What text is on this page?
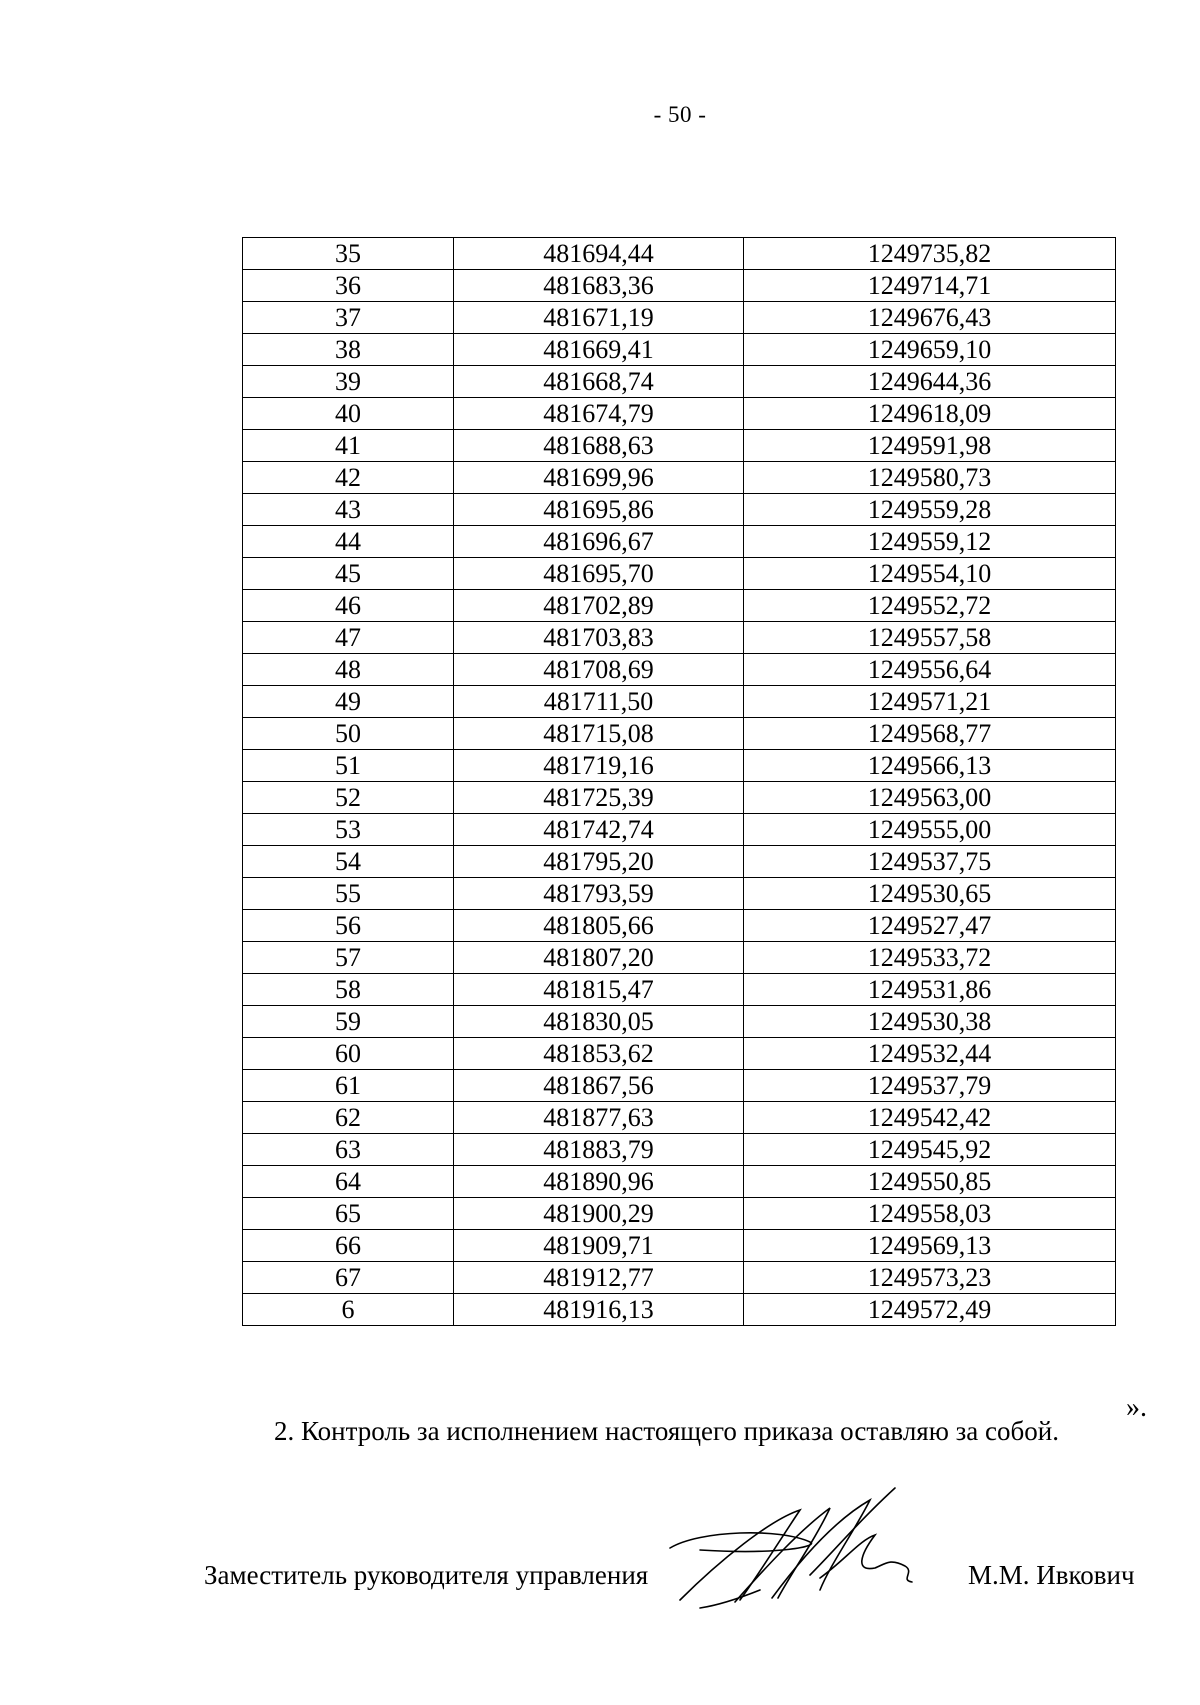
- 50 -
35	481694,44	1249735,82
36	481683,36	1249714,71
37	481671,19	1249676,43
38	481669,41	1249659,10
39	481668,74	1249644,36
40	481674,79	1249618,09
41	481688,63	1249591,98
42	481699,96	1249580,73
43	481695,86	1249559,28
44	481696,67	1249559,12
45	481695,70	1249554,10
46	481702,89	1249552,72
47	481703,83	1249557,58
48	481708,69	1249556,64
49	481711,50	1249571,21
50	481715,08	1249568,77
51	481719,16	1249566,13
52	481725,39	1249563,00
53	481742,74	1249555,00
54	481795,20	1249537,75
55	481793,59	1249530,65
56	481805,66	1249527,47
57	481807,20	1249533,72
58	481815,47	1249531,86
59	481830,05	1249530,38
60	481853,62	1249532,44
61	481867,56	1249537,79
62	481877,63	1249542,42
63	481883,79	1249545,92
64	481890,96	1249550,85
65	481900,29	1249558,03
66	481909,71	1249569,13
67	481912,77	1249573,23
6	481916,13	1249572,49
».
2. Контроль за исполнением настоящего приказа оставляю за собой.
Заместитель руководителя управления	М.М. Ивкович
